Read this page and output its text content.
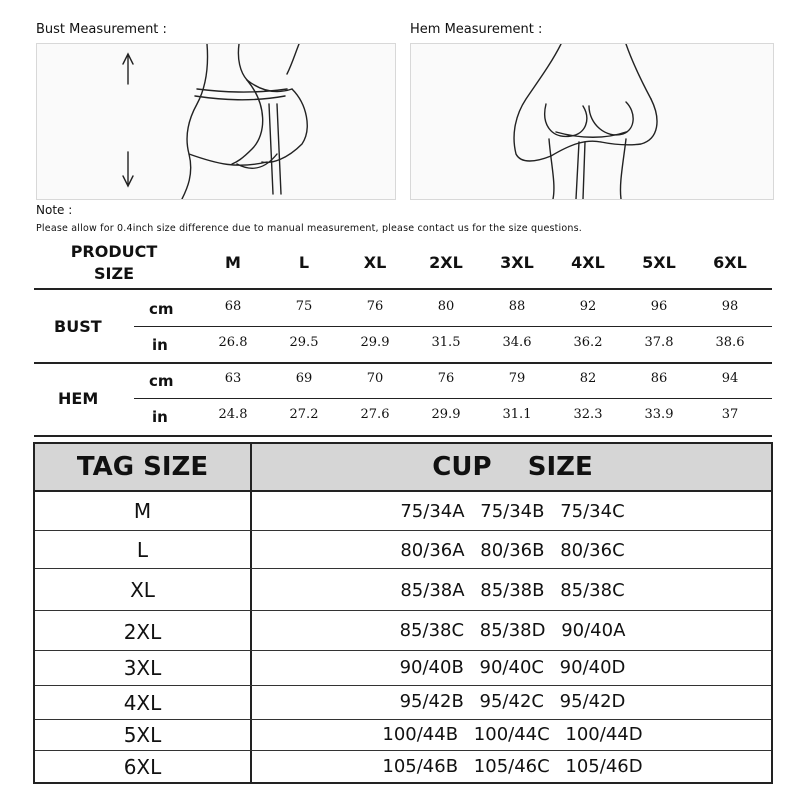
Bust Measurement :	Hem Measurement :
Note :
Please allow for 0.4inch size difference due to manual measurement, please contact us for the size questions.
PRODUCT
SIZE
M	L	XL	2XL	3XL	4XL	5XL	6XL
BUST
cm	68	75	76	80	88	92	96	98
in	26.8	29.5	29.9	31.5	34.6	36.2	37.8	38.6
HEM
cm	63	69	70	76	79	82	86	94
in	24.8	27.2	27.6	29.9	31.1	32.3	33.9	37
TAG SIZE	CUP    SIZE
M	75/34A 75/34B 75/34C
L	80/36A 80/36B 80/36C
XL	85/38A 85/38B 85/38C
2XL	85/38C 85/38D 90/40A
3XL	90/40B 90/40C 90/40D
4XL	95/42B 95/42C 95/42D
5XL	100/44B 100/44C 100/44D
6XL	105/46B 105/46C 105/46D
